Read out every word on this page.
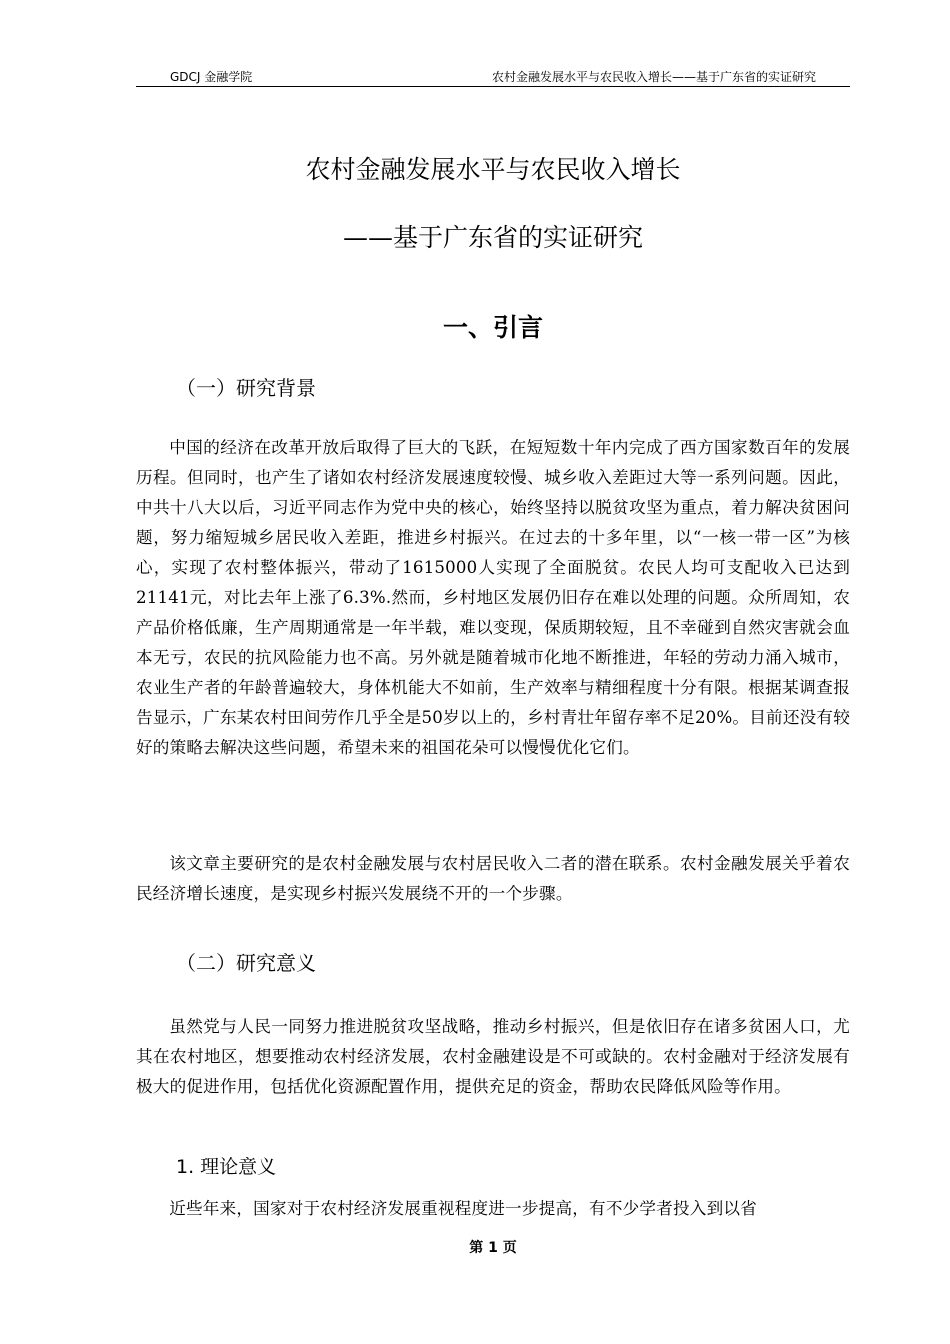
GDCJ 金融学院	农村金融发展水平与农民收入增长——基于广东省的实证研究
农村金融发展水平与农民收入增长
——基于广东省的实证研究
一、引言
（一）研究背景

中国的经济在改革开放后取得了巨大的飞跃，在短短数十年内完成了西方国家数百年的发展历程。但同时，也产生了诸如农村经济发展速度较慢、城乡收入差距过大等一系列问题。因此，中共十八大以后，习近平同志作为党中央的核心，始终坚持以脱贫攻坚为重点，着力解决贫困问题，努力缩短城乡居民收入差距，推进乡村振兴。在过去的十多年里，以“一核一带一区”为核心，实现了农村整体振兴，带动了1615000人实现了全面脱贫。农民人均可支配收入已达到21141元，对比去年上涨了6.3%.然而，乡村地区发展仍旧存在难以处理的问题。众所周知，农产品价格低廉，生产周期通常是一年半载，难以变现，保质期较短，且不幸碰到自然灾害就会血本无亏，农民的抗风险能力也不高。另外就是随着城市化地不断推进，年轻的劳动力涌入城市，农业生产者的年龄普遍较大，身体机能大不如前，生产效率与精细程度十分有限。根据某调查报告显示，广东某农村田间劳作几乎全是50岁以上的，乡村青壮年留存率不足20%。目前还没有较好的策略去解决这些问题，希望未来的祖国花朵可以慢慢优化它们。

该文章主要研究的是农村金融发展与农村居民收入二者的潜在联系。农村金融发展关乎着农民经济增长速度，是实现乡村振兴发展绕不开的一个步骤。

（二）研究意义

虽然党与人民一同努力推进脱贫攻坚战略，推动乡村振兴，但是依旧存在诸多贫困人口，尤其在农村地区，想要推动农村经济发展，农村金融建设是不可或缺的。农村金融对于经济发展有极大的促进作用，包括优化资源配置作用，提供充足的资金，帮助农民降低风险等作用。

1. 理论意义

近些年来，国家对于农村经济发展重视程度进一步提高，有不少学者投入到以省

第 1 页
